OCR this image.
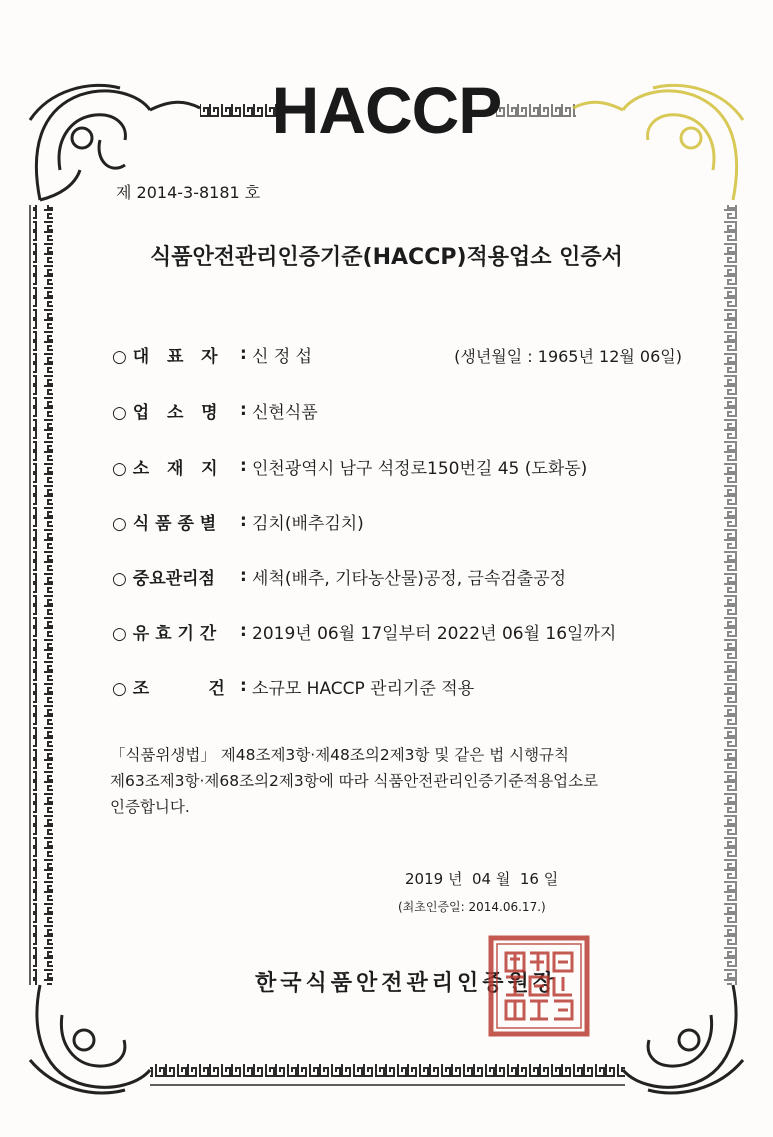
HACCP
제 2014-3-8181 호
식품안전관리인증기준(HACCP)적용업소 인증서
○ 대   표   자	: 신 정 섭	(생년월일 : 1965년 12월 06일)
○ 업   소   명	: 신현식품
○ 소   재   지	: 인천광역시 남구 석정로150번길 45 (도화동)
○ 식 품 종 별	: 김치(배추김치)
○ 중요관리점	: 세척(배추, 기타농산물)공정, 금속검출공정
○ 유 효 기 간	: 2019년 06월 17일부터 2022년 06월 16일까지
○ 조          건 : 소규모 HACCP 관리기준 적용
「식품위생법」 제48조제3항·제48조의2제3항 및 같은 법 시행규칙
제63조제3항·제68조의2제3항에 따라 식품안전관리인증기준적용업소로
인증합니다.
2019 년  04 월  16 일
(최초인증일: 2014.06.17.)
한국식품안전관리인증원장
